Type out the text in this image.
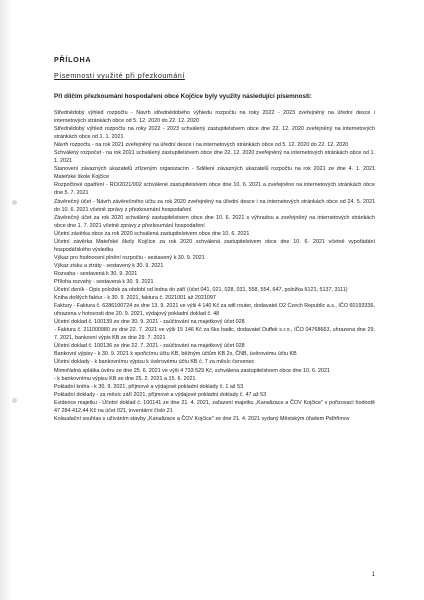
PŘÍLOHA
Písemnosti využité při přezkoumání
Při dílčím přezkoumání hospodaření obce Kojčice byly využity následující písemnosti:
Střednědobý výhled rozpočtu - Návrh střednědobého výhledu rozpočtu na roky 2022 - 2023 zveřejněný na úřední desce i internetových stránkách obce od 5. 12. 2020 do 22. 12. 2020
Střednědobý výhled rozpočtu na roky 2022 - 2023 schválený zastupitelstvem obce dne 22. 12. 2020 zveřejněný na internetových stránkách obce od 1. 1. 2021
Návrh rozpočtu - na rok 2021 zveřejněný na úřední desce i na internetových stránkách obce od 5. 12. 2020 do 22. 12. 2020
Schválený rozpočet - na rok 2021 schválený zastupitelstvem obce dne 22. 12. 2020 zveřejněný na internetových stránkách obce od 1. 1. 2021
Stanovení závazných ukazatelů zřízeným organizacím - Sdělení závazných ukazatelů rozpočtu na rok 2021 ze dne 4. 1. 2021 Mateřské škole Kojčice
Rozpočtové opatření - RO/2021/002 schválené zastupitelstvem obce dne 10. 6. 2021 a zveřejněno na internetových stránkách obce dne 5. 7. 2021
Závěrečný účet - Návrh závěrečného účtu za rok 2020 zveřejněný na úřední desce i na internetových stránkách obce od 24. 5. 2021 do 10. 6. 2021 včetně zprávy z přezkoumání hospodaření
Závěrečný účet za rok 2020 schválený zastupitelstvem obce dne 10. 6. 2021 s výhradou a zveřejněný na internetových stránkách obce dne 1. 7. 2021 včetně zprávy z přezkoumání hospodaření
Účetní závěrka obce za rok 2020 schválená zastupitelstvem obce dne 10. 6. 2021
Účetní závěrka Mateřské školy Kojčice za rok 2020 schválená zastupitelstvem obce dne 10. 6. 2021 včetně vypořádání hospodářského výsledku
Výkaz pro hodnocení plnění rozpočtu - sestavený k 30. 9. 2021
Výkaz zisku a ztráty - sestavený k 30. 9. 2021
Rozvaha - sestavená k 30. 9. 2021
Příloha rozvahy - sestavená k 30. 9. 2021
Účetní deník - Opis položek za období od ledna do září (účet 041, 021, 028, 031, 558, 554, 647, položka 6121, 5137, 3111)
Kniha došlých faktur - k 30. 9. 2021, faktura č. 2021001 až 2021097
Faktury - Faktura č. 6286100724 ze dne 13. 9. 2021 ve výši 4 140 Kč za wifi router, dodavatel O2 Czech Republic a.s., IČO 60193336, uhrazena v hotovosti dne 20. 9. 2021, výdajový pokladní doklad č. 48
Účetní doklad č. 100139 ze dne 30. 9. 2021 - zaúčtování na majetkový účet 028
- Faktura č. 211000980 ze dne 22. 7. 2021 ve výši 15 146 Kč za 6ks hadic, dodavatel Duffek s.r.o., IČO 04768663, uhrazena dne 29. 7. 2021, bankovní výpis KB ze dne 29. 7. 2021
Účetní doklad č. 100136 ze dne 22. 7. 2021 - zaúčtování na majetkový účet 028
Bankovní výpisy - k 30. 9. 2021 k spořicímu účtu KB, běžným účtům KB 2x, ČNB, úvěrovému účtu KB
Účetní doklady - k bankovnímu výpisu k úvěrovému účtu KB č. 7 za měsíc červenec
Mimořádná splátka úvěru ze dne 25. 6. 2021 ve výši 4 733 529 Kč, schválena zastupitelstvem obce dne 10. 6. 2021
- k bankovnímu výpisu KB ze dne 25. 2. 2021 a 15. 6. 2021
Pokladní kniha - k 30. 9. 2021, příjmové a výdajové pokladní doklady č. 1 až 53
Pokladní doklady - za měsíc září 2021, příjmové a výdajové pokladní doklady č. 47 až 53
Evidence majetku - Účetní doklad č. 100141 ze dne 21. 4. 2021, zařazení majetku „Kanalizace a ČOV Kojčice" v pořizovací hodnotě 47 284 412,44 Kč na účet 021, inventární číslo 21
Kolaudační souhlas s užíváním stavby „Kanalizace a ČOV Kojčice" ze dne 21. 4. 2021 vydaný Městským úřadem Pelhřimov
1
